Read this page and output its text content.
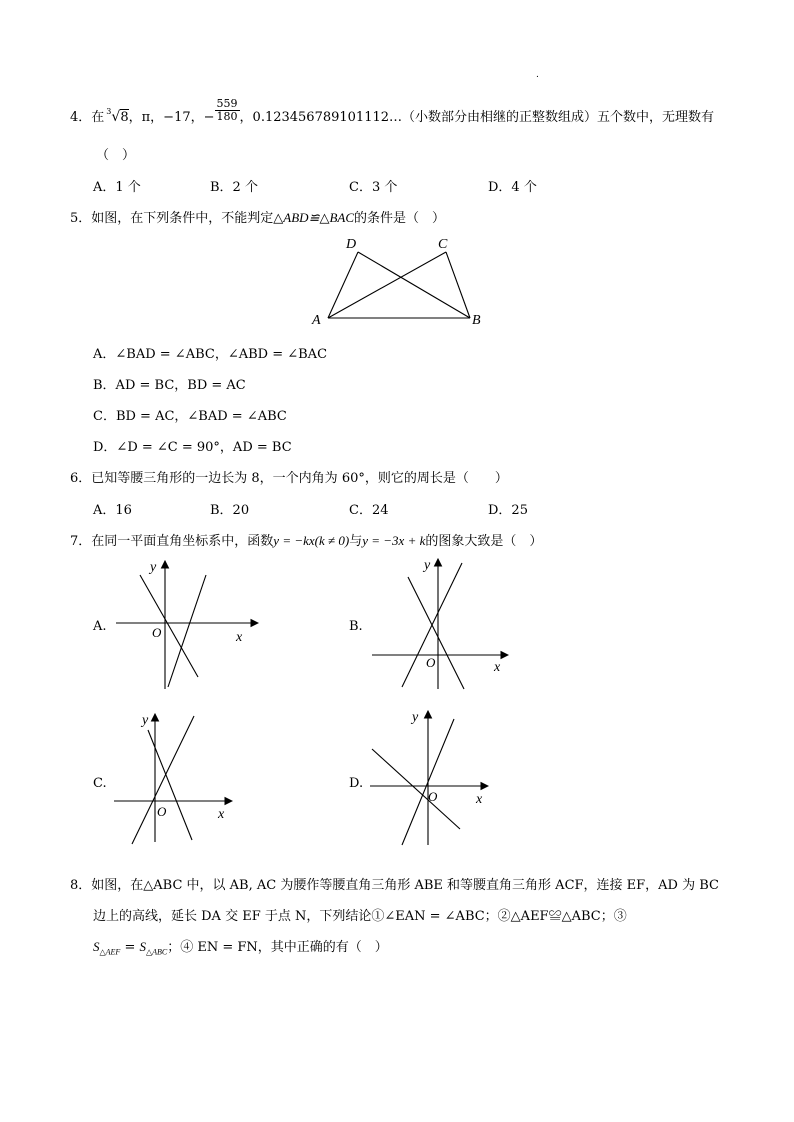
.
4．在 $^3$√8，π，−17，− $\frac{559}{180}$ ，0.123456789101112…（小数部分由相继的正整数组成）五个数中，无理数有
（　）
A．1 个	B．2 个	C．3 个	D．4 个
5．如图，在下列条件中，不能判定△ABD≌△BAC的条件是（　）
D	C
A	B
A．∠BAD = ∠ABC，∠ABD = ∠BAC
B．AD = BC，BD = AC
C．BD = AC，∠BAD = ∠ABC
D．∠D = ∠C = 90°，AD = BC
6．已知等腰三角形的一边长为 8，一个内角为 60°，则它的周长是（　　）
A．16	B．20	C．24	D．25
7．在同一平面直角坐标系中，函数y = −kx(k ≠ 0)与y = −3x + k的图象大致是（　）
A.	B.
C.	D.
y
x
O
y
x
O
y
x
O
y
x
O
8．如图，在△ABC 中，以 AB, AC 为腰作等腰直角三角形 ABE 和等腰直角三角形 ACF，连接 EF，AD 为 BC
边上的高线，延长 DA 交 EF 于点 N，下列结论①∠EAN = ∠ABC；②△AEF≌△ABC；③
$S_{\triangle AEF} = S_{\triangle ABC}$；④ EN = FN，其中正确的有（　）
